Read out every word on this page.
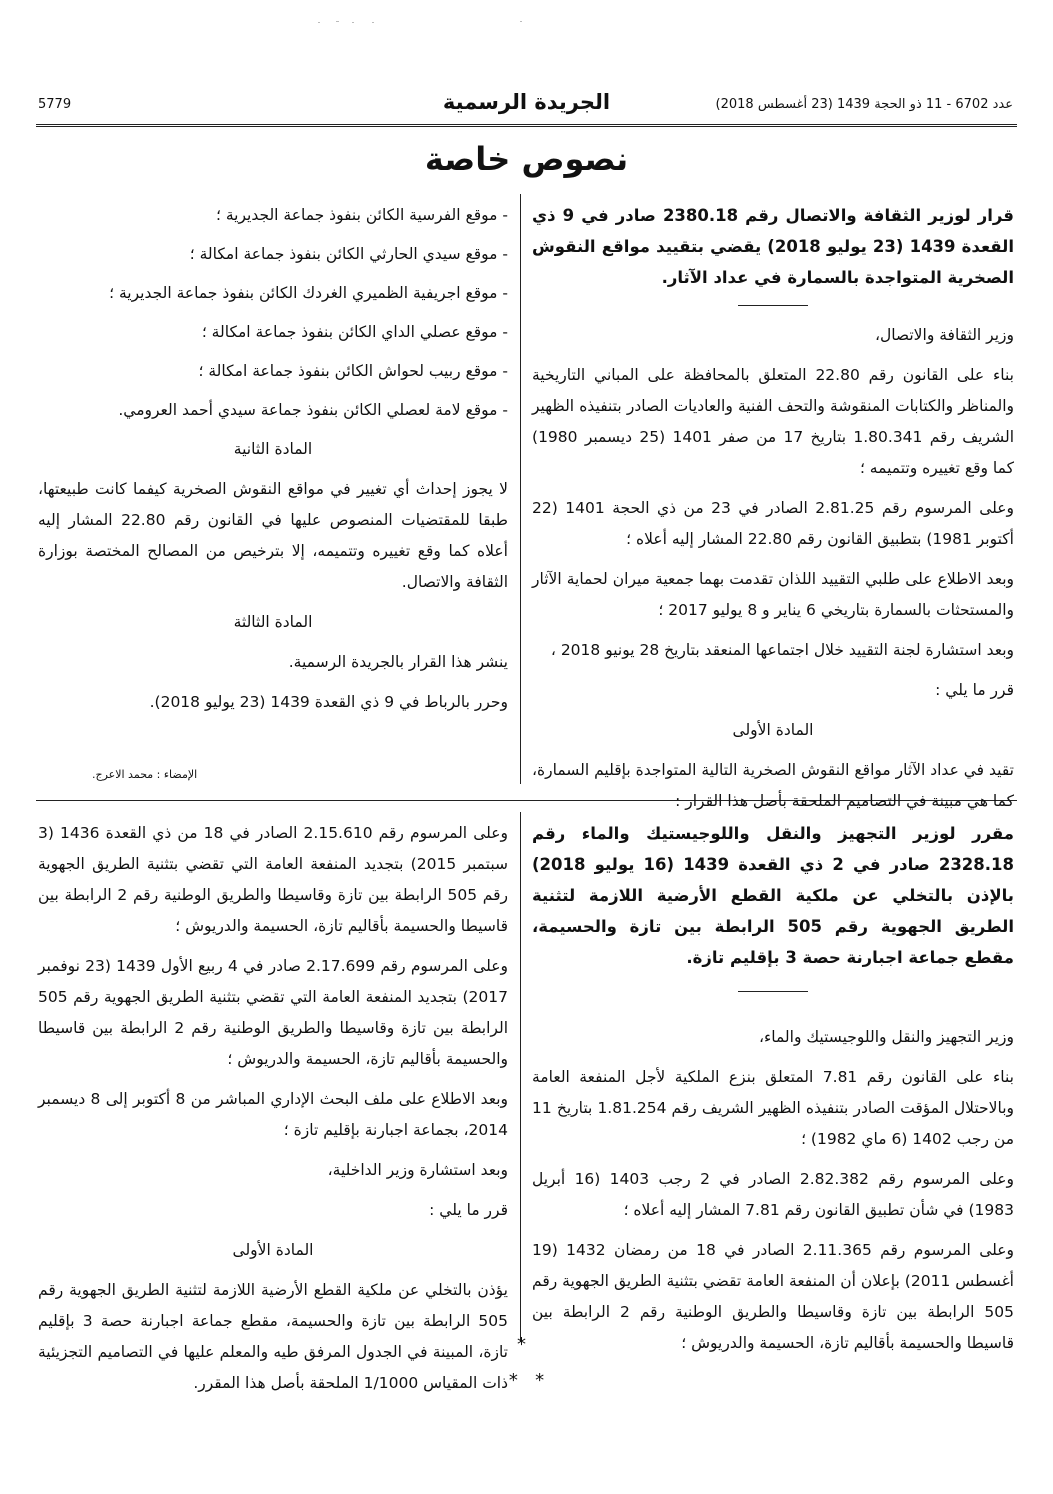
5779	الجريدة الرسمية	عدد 6702 - 11 ذو الحجة 1439 (23 أغسطس 2018)
نصوص خاصة

قرار لوزير الثقافة والاتصال رقم 2380.18 صادر في 9 ذي القعدة 1439 (23 يوليو 2018) يقضي بتقييد مواقع النقوش الصخرية المتواجدة بالسمارة في عداد الآثار.

وزير الثقافة والاتصال،

بناء على القانون رقم 22.80 المتعلق بالمحافظة على المباني التاريخية والمناظر والكتابات المنقوشة والتحف الفنية والعاديات الصادر بتنفيذه الظهير الشريف رقم 1.80.341 بتاريخ 17 من صفر 1401 (25 ديسمبر 1980) كما وقع تغييره وتتميمه ؛

وعلى المرسوم رقم 2.81.25 الصادر في 23 من ذي الحجة 1401 (22 أكتوبر 1981) بتطبيق القانون رقم 22.80 المشار إليه أعلاه ؛

وبعد الاطلاع على طلبي التقييد اللذان تقدمت بهما جمعية ميران لحماية الآثار والمستحثات بالسمارة بتاريخي 6 يناير و 8 يوليو 2017 ؛

وبعد استشارة لجنة التقييد خلال اجتماعها المنعقد بتاريخ 28 يونيو 2018 ،

قرر ما يلي :

المادة الأولى

تقيد في عداد الآثار مواقع النقوش الصخرية التالية المتواجدة بإقليم السمارة، كما هي مبينة في التصاميم الملحقة بأصل هذا القرار :

- موقع الفرسية الكائن بنفوذ جماعة الجديرية ؛

- موقع سيدي الحارثي الكائن بنفوذ جماعة امكالة ؛

- موقع اجريفية الظميري الغردك الكائن بنفوذ جماعة الجديرية ؛

- موقع عصلي الداي الكائن بنفوذ جماعة امكالة ؛

- موقع ربيب لحواش الكائن بنفوذ جماعة امكالة ؛

- موقع لامة لعصلي الكائن بنفوذ جماعة سيدي أحمد العرومي.

المادة الثانية

لا يجوز إحداث أي تغيير في مواقع النقوش الصخرية كيفما كانت طبيعتها، طبقا للمقتضيات المنصوص عليها في القانون رقم 22.80 المشار إليه أعلاه كما وقع تغييره وتتميمه، إلا بترخيص من المصالح المختصة بوزارة الثقافة والاتصال.

المادة الثالثة

ينشر هذا القرار بالجريدة الرسمية.

وحرر بالرباط في 9 ذي القعدة 1439 (23 يوليو 2018).

الإمضاء : محمد الاعرج.

مقرر لوزير التجهيز والنقل واللوجيستيك والماء رقم 2328.18 صادر في 2 ذي القعدة 1439 (16 يوليو 2018) بالإذن بالتخلي عن ملكية القطع الأرضية اللازمة لتثنية الطريق الجهوية رقم 505 الرابطة بين تازة والحسيمة، مقطع جماعة اجبارنة حصة 3 بإقليم تازة.

وزير التجهيز والنقل واللوجيستيك والماء،

بناء على القانون رقم 7.81 المتعلق بنزع الملكية لأجل المنفعة العامة وبالاحتلال المؤقت الصادر بتنفيذه الظهير الشريف رقم 1.81.254 بتاريخ 11 من رجب 1402 (6 ماي 1982) ؛

وعلى المرسوم رقم 2.82.382 الصادر في 2 رجب 1403 (16 أبريل 1983) في شأن تطبيق القانون رقم 7.81 المشار إليه أعلاه ؛

وعلى المرسوم رقم 2.11.365 الصادر في 18 من رمضان 1432 (19 أغسطس 2011) بإعلان أن المنفعة العامة تقضي بتثنية الطريق الجهوية رقم 505 الرابطة بين تازة وقاسيطا والطريق الوطنية رقم 2 الرابطة بين قاسيطا والحسيمة بأقاليم تازة، الحسيمة والدريوش ؛

وعلى المرسوم رقم 2.15.610 الصادر في 18 من ذي القعدة 1436 (3 سبتمبر 2015) بتجديد المنفعة العامة التي تقضي بتثنية الطريق الجهوية رقم 505 الرابطة بين تازة وقاسيطا والطريق الوطنية رقم 2 الرابطة بين قاسيطا والحسيمة بأقاليم تازة، الحسيمة والدريوش ؛

وعلى المرسوم رقم 2.17.699 صادر في 4 ربيع الأول 1439 (23 نوفمبر 2017) بتجديد المنفعة العامة التي تقضي بتثنية الطريق الجهوية رقم 505 الرابطة بين تازة وقاسيطا والطريق الوطنية رقم 2 الرابطة بين قاسيطا والحسيمة بأقاليم تازة، الحسيمة والدريوش ؛

وبعد الاطلاع على ملف البحث الإداري المباشر من 8 أكتوبر إلى 8 ديسمبر 2014، بجماعة اجبارنة بإقليم تازة ؛

وبعد استشارة وزير الداخلية،

قرر ما يلي :

المادة الأولى

يؤذن بالتخلي عن ملكية القطع الأرضية اللازمة لتثنية الطريق الجهوية رقم 505 الرابطة بين تازة والحسيمة، مقطع جماعة اجبارنة حصة 3 بإقليم تازة، المبينة في الجدول المرفق طيه والمعلم عليها في التصاميم التجزيئية ذات المقياس 1/1000 الملحقة بأصل هذا المقرر.

*
*   *
